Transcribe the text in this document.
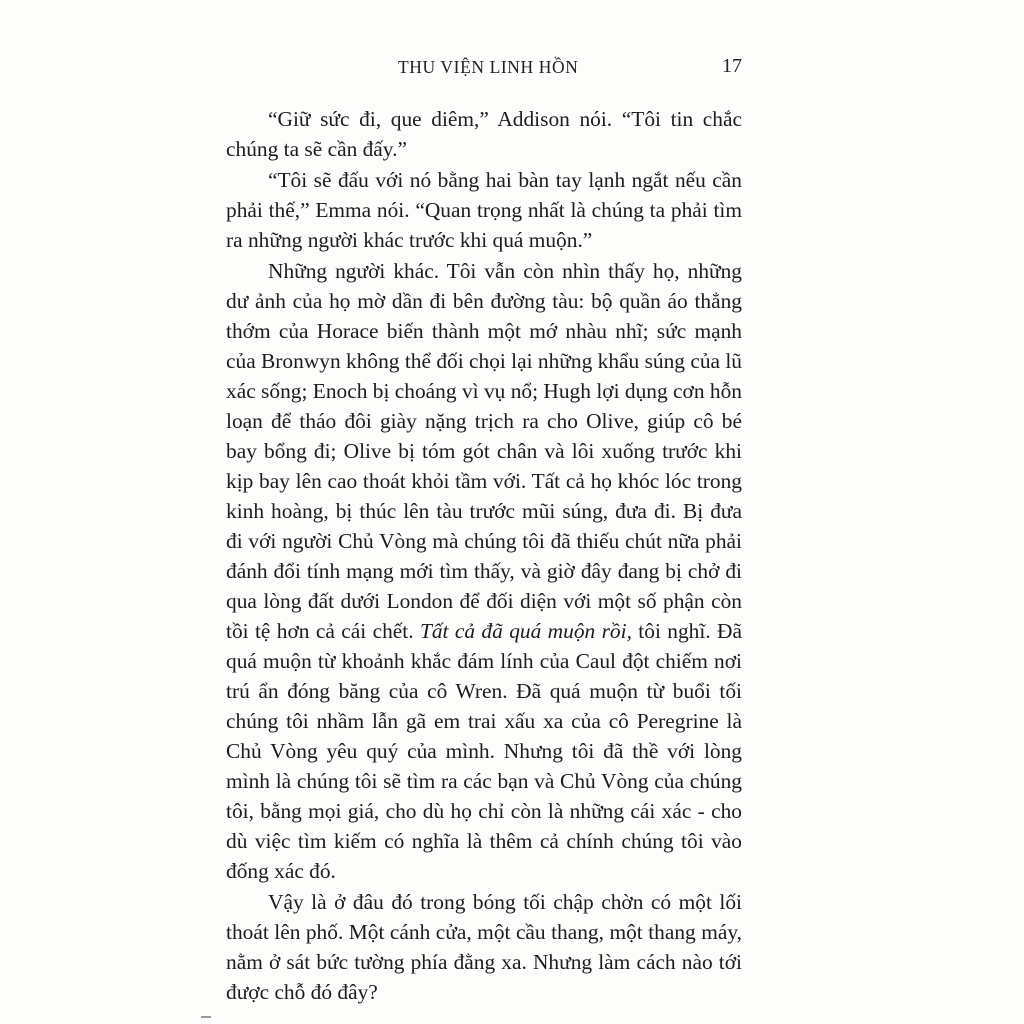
THU VIỆN LINH HỒN	17

“Giữ sức đi, que diêm,” Addison nói. “Tôi tin chắc chúng ta sẽ cần đấy.”

“Tôi sẽ đấu với nó bằng hai bàn tay lạnh ngắt nếu cần phải thế,” Emma nói. “Quan trọng nhất là chúng ta phải tìm ra những người khác trước khi quá muộn.”

Những người khác. Tôi vẫn còn nhìn thấy họ, những dư ảnh của họ mờ dần đi bên đường tàu: bộ quần áo thẳng thớm của Horace biến thành một mớ nhàu nhĩ; sức mạnh của Bronwyn không thể đối chọi lại những khẩu súng của lũ xác sống; Enoch bị choáng vì vụ nổ; Hugh lợi dụng cơn hỗn loạn để tháo đôi giày nặng trịch ra cho Olive, giúp cô bé bay bổng đi; Olive bị tóm gót chân và lôi xuống trước khi kịp bay lên cao thoát khỏi tầm với. Tất cả họ khóc lóc trong kinh hoàng, bị thúc lên tàu trước mũi súng, đưa đi. Bị đưa đi với người Chủ Vòng mà chúng tôi đã thiếu chút nữa phải đánh đổi tính mạng mới tìm thấy, và giờ đây đang bị chở đi qua lòng đất dưới London để đối diện với một số phận còn tồi tệ hơn cả cái chết. Tất cả đã quá muộn rồi, tôi nghĩ. Đã quá muộn từ khoảnh khắc đám lính của Caul đột chiếm nơi trú ẩn đóng băng của cô Wren. Đã quá muộn từ buổi tối chúng tôi nhầm lẫn gã em trai xấu xa của cô Peregrine là Chủ Vòng yêu quý của mình. Nhưng tôi đã thề với lòng mình là chúng tôi sẽ tìm ra các bạn và Chủ Vòng của chúng tôi, bằng mọi giá, cho dù họ chỉ còn là những cái xác - cho dù việc tìm kiếm có nghĩa là thêm cả chính chúng tôi vào đống xác đó.

Vậy là ở đâu đó trong bóng tối chập chờn có một lối thoát lên phố. Một cánh cửa, một cầu thang, một thang máy, nằm ở sát bức tường phía đằng xa. Nhưng làm cách nào tới được chỗ đó đây?
